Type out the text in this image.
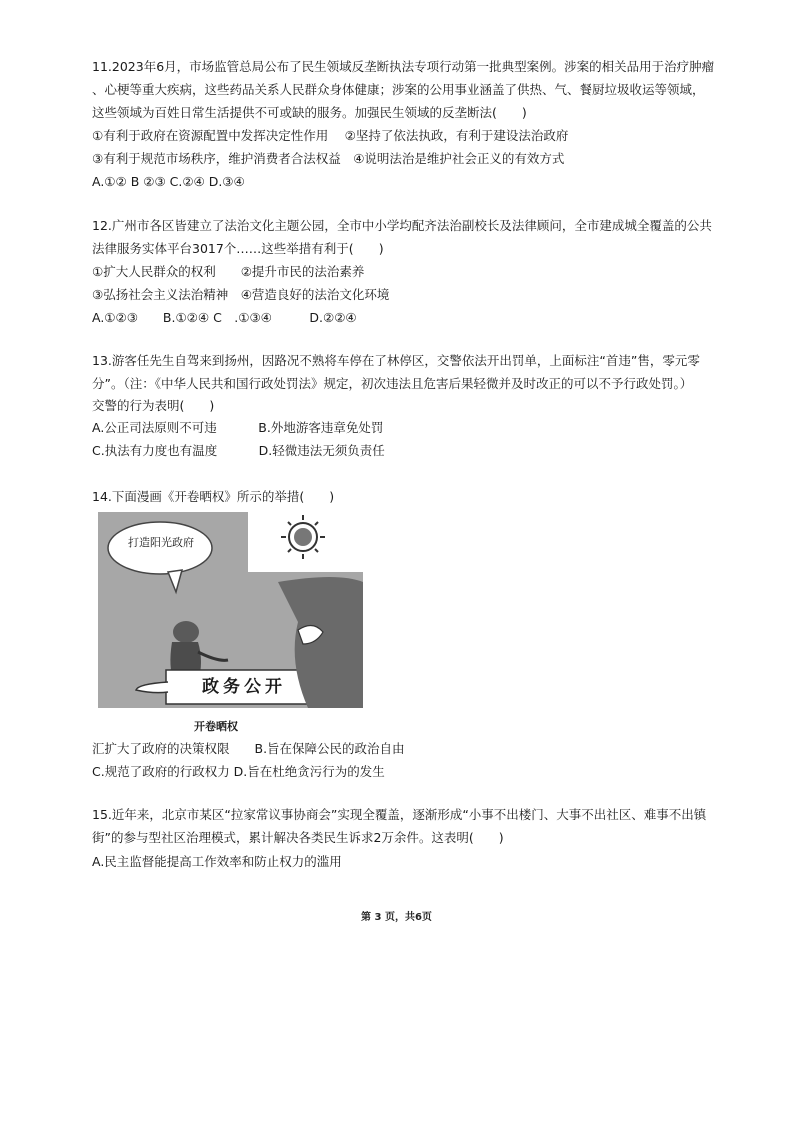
11.2023年6月，市场监管总局公布了民生领域反垄断执法专项行动第一批典型案例。涉案的相关品用于治疗肿瘤
、心梗等重大疾病，这些药品关系人民群众身体健康；涉案的公用事业涵盖了供热、气、餐厨垃圾收运等领域，
这些领域为百姓日常生活提供不可或缺的服务。加强民生领域的反垄断法(　　)
①有利于政府在资源配置中发挥决定性作用　 ②坚持了依法执政，有利于建设法治政府
③有利于规范市场秩序，维护消费者合法权益　④说明法治是维护社会正义的有效方式
A.①② B ②③ C.②④ D.③④
12.广州市各区皆建立了法治文化主题公园，全市中小学均配齐法治副校长及法律顾问，全市建成城全覆盖的公共
法律服务实体平台3017个……这些举措有利于(　　)
①扩大人民群众的权利　　②提升市民的法治素养
③弘扬社会主义法治精神　④营造良好的法治文化环境
A.①②③　　B.①②④ C　.①③④　　　D.②②④
13.游客任先生自驾来到扬州，因路况不熟将车停在了林停区，交警依法开出罚单，上面标注“首违”售，零元零
分”。（注：《中华人民共和国行政处罚法》规定，初次违法且危害后果轻微并及时改正的可以不予行政处罚。）
交警的行为表明(　　)
A.公正司法原则不可违　　　 B.外地游客违章免处罚
C.执法有力度也有温度　　　 D.轻微违法无须负责任
14.下面漫画《开卷晒权》所示的举措(　　)
打造阳光政府
政务公开
开卷晒权
汇扩大了政府的决策权限　　B.旨在保障公民的政治自由
C.规范了政府的行政权力 D.旨在杜绝贪污行为的发生
15.近年来，北京市某区“拉家常议事协商会”实现全覆盖，逐渐形成“小事不出楼门、大事不出社区、难事不出镇
街”的参与型社区治理模式，累计解决各类民生诉求2万余件。这表明(　　)
A.民主监督能提高工作效率和防止权力的滥用
第 3 页，共6页
